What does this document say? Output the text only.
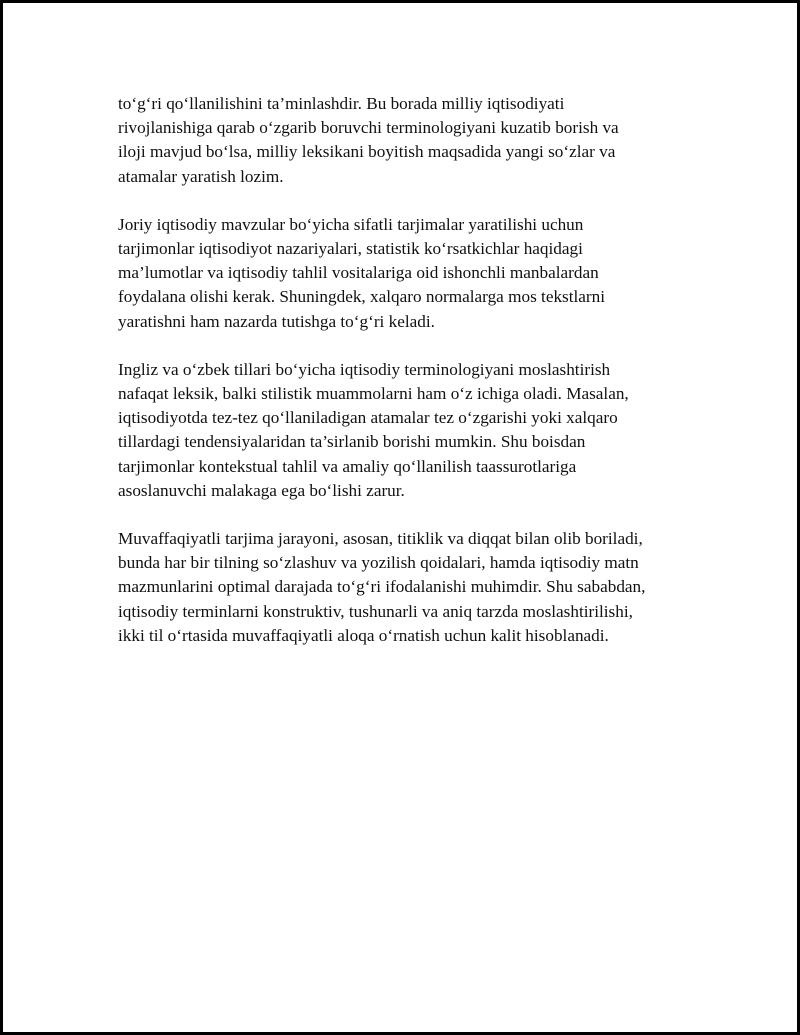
to‘g‘ri qo‘llanilishini ta’minlashdir. Bu borada milliy iqtisodiyati
rivojlanishiga qarab o‘zgarib boruvchi terminologiyani kuzatib borish va
iloji mavjud bo‘lsa, milliy leksikani boyitish maqsadida yangi so‘zlar va
atamalar yaratish lozim.

Joriy iqtisodiy mavzular bo‘yicha sifatli tarjimalar yaratilishi uchun
tarjimonlar iqtisodiyot nazariyalari, statistik ko‘rsatkichlar haqidagi
ma’lumotlar va iqtisodiy tahlil vositalariga oid ishonchli manbalardan
foydalana olishi kerak. Shuningdek, xalqaro normalarga mos tekstlarni
yaratishni ham nazarda tutishga to‘g‘ri keladi.

Ingliz va o‘zbek tillari bo‘yicha iqtisodiy terminologiyani moslashtirish
nafaqat leksik, balki stilistik muammolarni ham o‘z ichiga oladi. Masalan,
iqtisodiyotda tez-tez qo‘llaniladigan atamalar tez o‘zgarishi yoki xalqaro
tillardagi tendensiyalaridan ta’sirlanib borishi mumkin. Shu boisdan
tarjimonlar kontekstual tahlil va amaliy qo‘llanilish taassurotlariga
asoslanuvchi malakaga ega bo‘lishi zarur.

Muvaffaqiyatli tarjima jarayoni, asosan, titiklik va diqqat bilan olib boriladi,
bunda har bir tilning so‘zlashuv va yozilish qoidalari, hamda iqtisodiy matn
mazmunlarini optimal darajada to‘g‘ri ifodalanishi muhimdir. Shu sababdan,
iqtisodiy terminlarni konstruktiv, tushunarli va aniq tarzda moslashtirilishi,
ikki til o‘rtasida muvaffaqiyatli aloqa o‘rnatish uchun kalit hisoblanadi.
